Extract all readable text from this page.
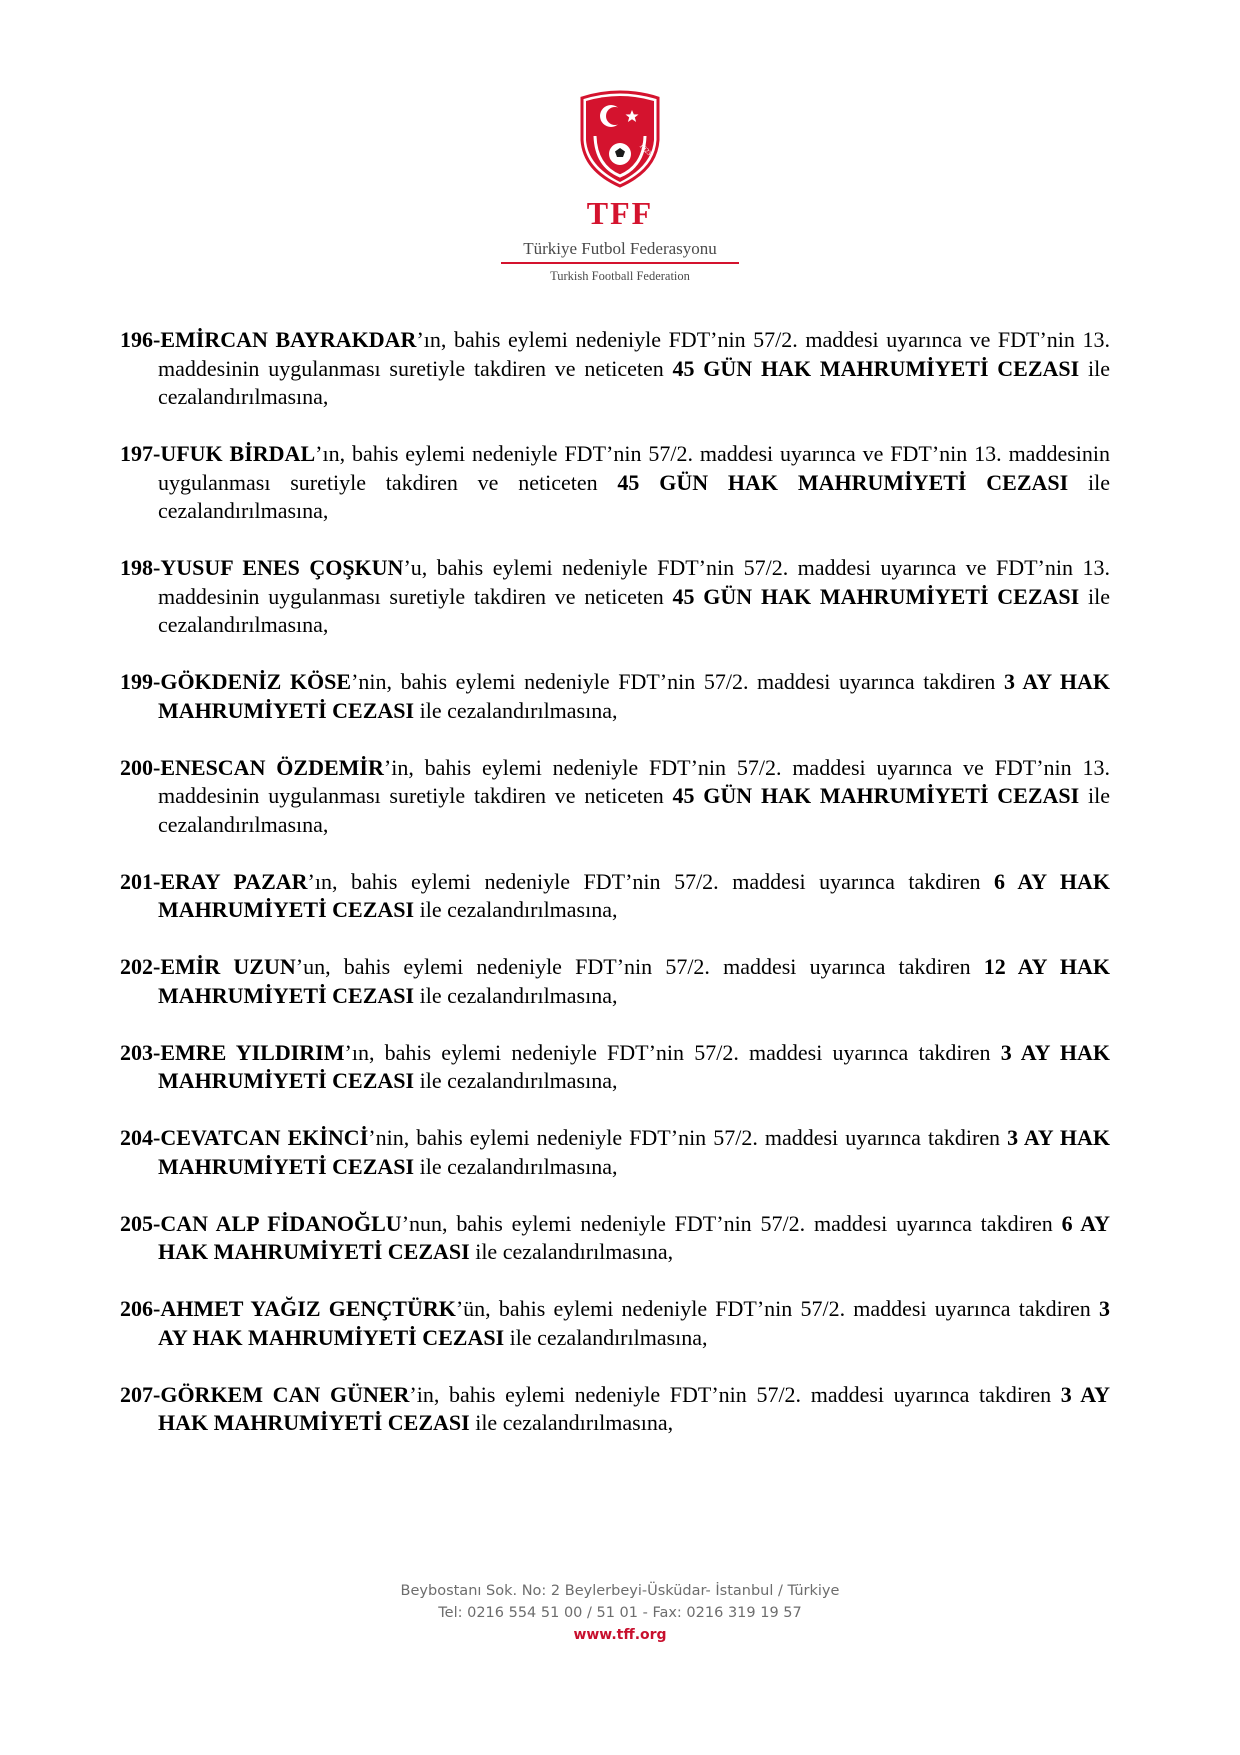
1923
TFF
Türkiye Futbol Federasyonu
Turkish Football Federation

196-EMİRCAN BAYRAKDAR’ın, bahis eylemi nedeniyle FDT’nin 57/2. maddesi uyarınca ve FDT’nin 13. maddesinin uygulanması suretiyle takdiren ve neticeten 45 GÜN HAK MAHRUMİYETİ CEZASI ile cezalandırılmasına,

197-UFUK BİRDAL’ın, bahis eylemi nedeniyle FDT’nin 57/2. maddesi uyarınca ve FDT’nin 13. maddesinin uygulanması suretiyle takdiren ve neticeten 45 GÜN HAK MAHRUMİYETİ CEZASI ile cezalandırılmasına,

198-YUSUF ENES ÇOŞKUN’u, bahis eylemi nedeniyle FDT’nin 57/2. maddesi uyarınca ve FDT’nin 13. maddesinin uygulanması suretiyle takdiren ve neticeten 45 GÜN HAK MAHRUMİYETİ CEZASI ile cezalandırılmasına,

199-GÖKDENİZ KÖSE’nin, bahis eylemi nedeniyle FDT’nin 57/2. maddesi uyarınca takdiren 3 AY HAK MAHRUMİYETİ CEZASI ile cezalandırılmasına,

200-ENESCAN ÖZDEMİR’in, bahis eylemi nedeniyle FDT’nin 57/2. maddesi uyarınca ve FDT’nin 13. maddesinin uygulanması suretiyle takdiren ve neticeten 45 GÜN HAK MAHRUMİYETİ CEZASI ile cezalandırılmasına,

201-ERAY PAZAR’ın, bahis eylemi nedeniyle FDT’nin 57/2. maddesi uyarınca takdiren 6 AY HAK MAHRUMİYETİ CEZASI ile cezalandırılmasına,

202-EMİR UZUN’un, bahis eylemi nedeniyle FDT’nin 57/2. maddesi uyarınca takdiren 12 AY HAK MAHRUMİYETİ CEZASI ile cezalandırılmasına,

203-EMRE YILDIRIM’ın, bahis eylemi nedeniyle FDT’nin 57/2. maddesi uyarınca takdiren 3 AY HAK MAHRUMİYETİ CEZASI ile cezalandırılmasına,

204-CEVATCAN EKİNCİ’nin, bahis eylemi nedeniyle FDT’nin 57/2. maddesi uyarınca takdiren 3 AY HAK MAHRUMİYETİ CEZASI ile cezalandırılmasına,

205-CAN ALP FİDANOĞLU’nun, bahis eylemi nedeniyle FDT’nin 57/2. maddesi uyarınca takdiren 6 AY HAK MAHRUMİYETİ CEZASI ile cezalandırılmasına,

206-AHMET YAĞIZ GENÇTÜRK’ün, bahis eylemi nedeniyle FDT’nin 57/2. maddesi uyarınca takdiren 3 AY HAK MAHRUMİYETİ CEZASI ile cezalandırılmasına,

207-GÖRKEM CAN GÜNER’in, bahis eylemi nedeniyle FDT’nin 57/2. maddesi uyarınca takdiren 3 AY HAK MAHRUMİYETİ CEZASI ile cezalandırılmasına,

Beybostanı Sok. No: 2 Beylerbeyi-Üsküdar- İstanbul / Türkiye
Tel: 0216 554 51 00 / 51 01 - Fax: 0216 319 19 57
www.tff.org
